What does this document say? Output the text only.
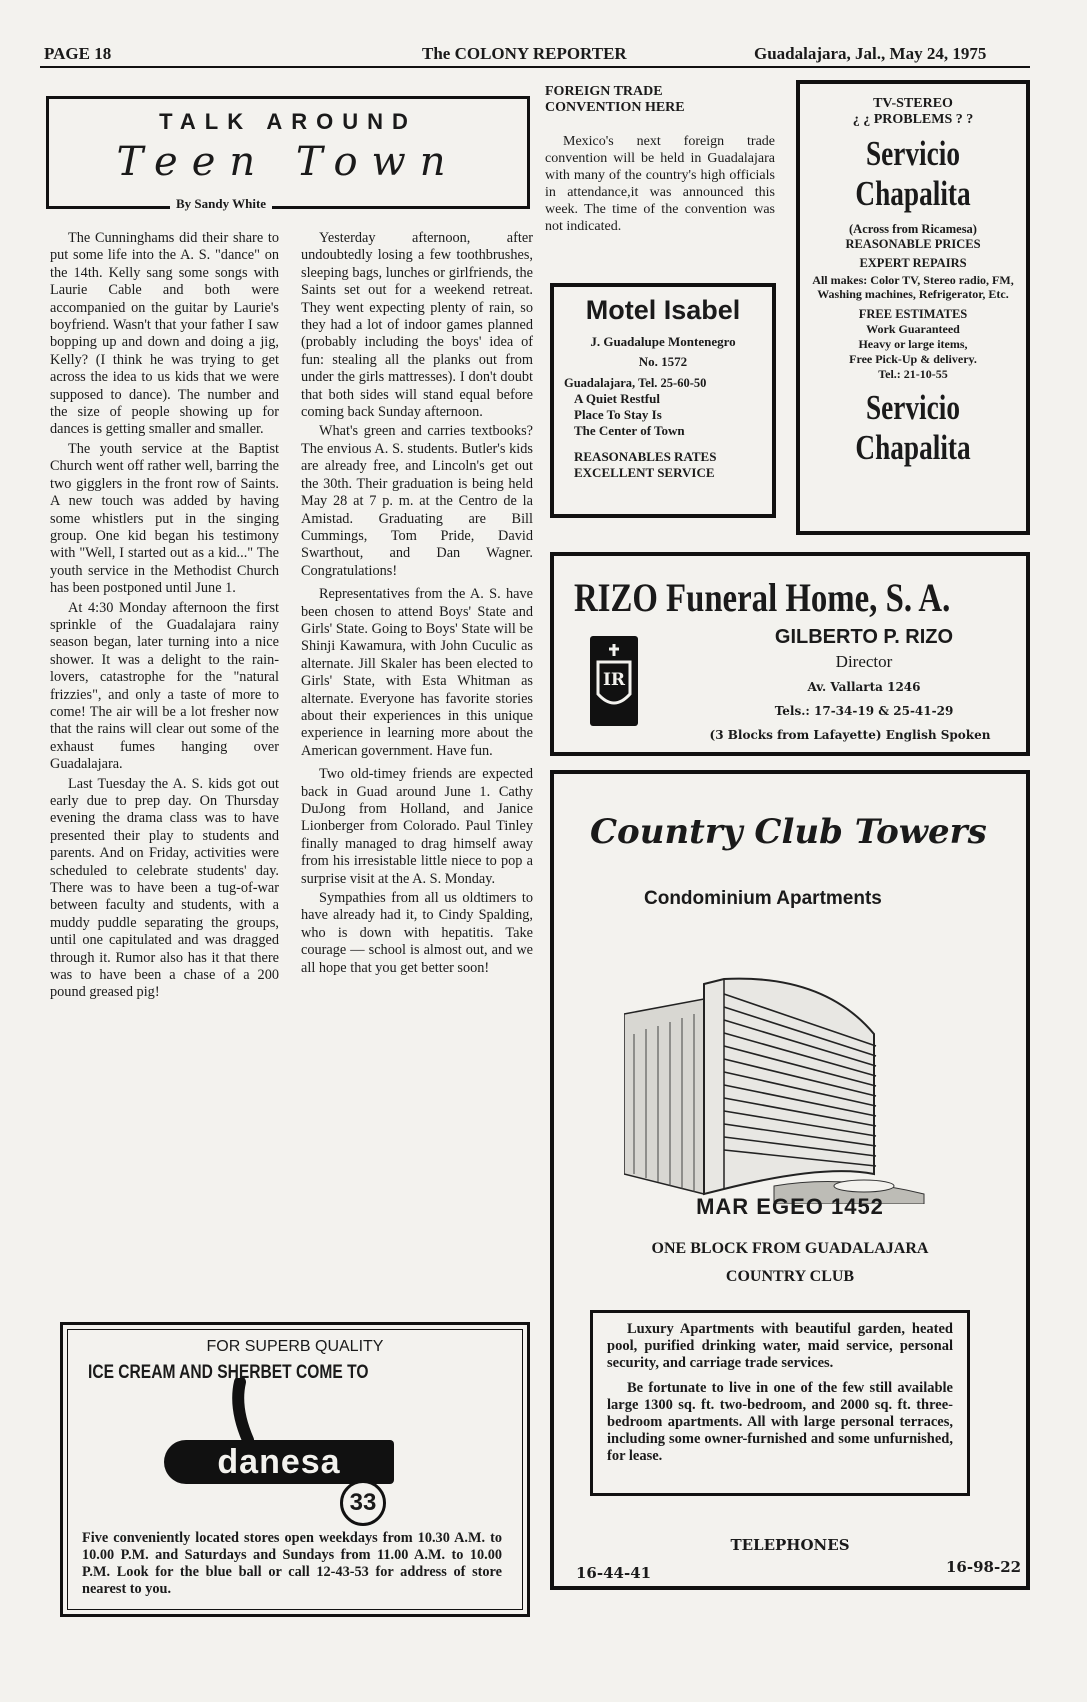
PAGE 18	The COLONY REPORTER	Guadalajara, Jal., May 24, 1975
TALK AROUND
Teen Town
By Sandy White

The Cunninghams did their share to put some life into the A. S. "dance" on the 14th. Kelly sang some songs with Laurie Cable and both were accompanied on the guitar by Laurie's boyfriend. Wasn't that your father I saw bopping up and down and doing a jig, Kelly? (I think he was trying to get across the idea to us kids that we were supposed to dance). The number and the size of people showing up for dances is getting smaller and smaller.

The youth service at the Baptist Church went off rather well, barring the two gigglers in the front row of Saints. A new touch was added by having some whistlers put in the singing group. One kid began his testimony with "Well, I started out as a kid..." The youth service in the Methodist Church has been postponed until June 1.

At 4:30 Monday afternoon the first sprinkle of the Guadalajara rainy season began, later turning into a nice shower. It was a delight to the rain-lovers, catastrophe for the "natural frizzies", and only a taste of more to come! The air will be a lot fresher now that the rains will clear out some of the exhaust fumes hanging over Guadalajara.

Last Tuesday the A. S. kids got out early due to prep day. On Thursday evening the drama class was to have presented their play to students and parents. And on Friday, activities were scheduled to celebrate students' day. There was to have been a tug-of-war between faculty and students, with a muddy puddle separating the groups, until one capitulated and was dragged through it. Rumor also has it that there was to have been a chase of a 200 pound greased pig!

Yesterday afternoon, after undoubtedly losing a few toothbrushes, sleeping bags, lunches or girlfriends, the Saints set out for a weekend retreat. They went expecting plenty of rain, so they had a lot of indoor games planned (probably including the boys' idea of fun: stealing all the planks out from under the girls mattresses). I don't doubt that both sides will stand equal before coming back Sunday afternoon.

What's green and carries textbooks? The envious A. S. students. Butler's kids are already free, and Lincoln's get out the 30th. Their graduation is being held May 28 at 7 p. m. at the Centro de la Amistad. Graduating are Bill Cummings, Tom Pride, David Swarthout, and Dan Wagner. Congratulations!

Representatives from the A. S. have been chosen to attend Boys' State and Girls' State. Going to Boys' State will be Shinji Kawamura, with John Cuculic as alternate. Jill Skaler has been elected to Girls' State, with Esta Whitman as alternate. Everyone has favorite stories about their experiences in this unique experience in learning more about the American government. Have fun.

Two old-timey friends are expected back in Guad around June 1. Cathy DuJong from Holland, and Janice Lionberger from Colorado. Paul Tinley finally managed to drag himself away from his irresistable little niece to pop a surprise visit at the A. S. Monday.

Sympathies from all us oldtimers to have already had it, to Cindy Spalding, who is down with hepatitis. Take courage — school is almost out, and we all hope that you get better soon!

FOREIGN TRADE CONVENTION HERE
Mexico's next foreign trade convention will be held in Guadalajara with many of the country's high officials in attendance,it was announced this week. The time of the convention was not indicated.
Motel Isabel
J. Guadalupe Montenegro
No. 1572
Guadalajara, Tel. 25-60-50
A Quiet Restful
Place To Stay Is
The Center of Town
REASONABLES RATES
EXCELLENT SERVICE
TV-STEREO
¿ ¿ PROBLEMS ? ?
Servicio Chapalita
(Across from Ricamesa)
REASONABLE PRICES
EXPERT REPAIRS
All makes: Color TV, Stereo radio, FM, Washing machines, Refrigerator, Etc.
FREE ESTIMATES
Work Guaranteed
Heavy or large items,
Free Pick-Up & delivery.
Tel.: 21-10-55
Servicio Chapalita
RIZO Funeral Home, S. A.
GILBERTO P. RIZO
Director
Av. Vallarta 1246
Tels.: 17-34-19 & 25-41-29
(3 Blocks from Lafayette) English Spoken
IR
Country Club Towers
Condominium Apartments
MAR EGEO 1452
ONE BLOCK FROM GUADALAJARA
COUNTRY CLUB

Luxury Apartments with beautiful garden, heated pool, purified drinking water, maid service, personal security, and carriage trade services.

Be fortunate to live in one of the few still available large 1300 sq. ft. two-bedroom, and 2000 sq. ft. three-bedroom apartments. All with large personal terraces, including some owner-furnished and some unfurnished, for lease.

TELEPHONES
16-44-41	16-98-22
FOR SUPERB QUALITY
ICE CREAM AND SHERBET COME TO
danesa
33
Five conveniently located stores open weekdays from 10.30 A.M. to 10.00 P.M. and Saturdays and Sundays from 11.00 A.M. to 10.00 P.M. Look for the blue ball or call 12-43-53 for address of store nearest to you.
